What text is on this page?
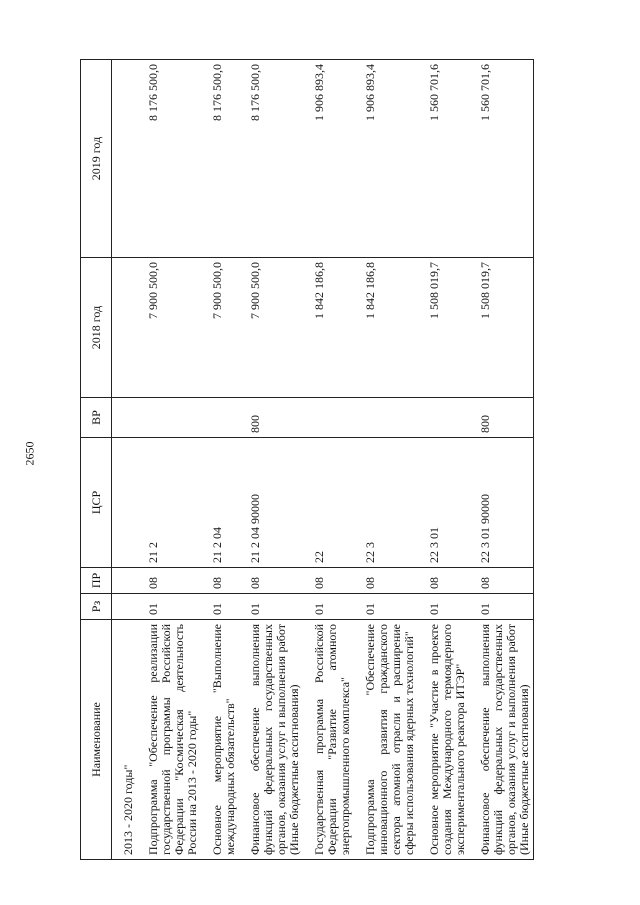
2650
Наименование	Рз	ПР	ЦСР	ВР	2018 год	2019 год
2013 - 2020 годы"						
Подпрограмма "Обеспечение реализации государственной программы Российской Федерации "Космическая деятельность России на 2013 - 2020 годы"	01	08	21 2		7 900 500,0	8 176 500,0
Основное мероприятие "Выполнение международных обязательств"	01	08	21 2 04		7 900 500,0	8 176 500,0
Финансовое обеспечение выполнения функций федеральных государственных органов, оказания услуг и выполнения работ (Иные бюджетные ассигнования)	01	08	21 2 04 90000	800	7 900 500,0	8 176 500,0
Государственная программа Российской Федерации "Развитие атомного энергопромышленного комплекса"	01	08	22		1 842 186,8	1 906 893,4
Подпрограмма "Обеспечение инновационного развития гражданского сектора атомной отрасли и расширение сферы использования ядерных технологий"	01	08	22 3		1 842 186,8	1 906 893,4
Основное мероприятие "Участие в проекте создания Международного термоядерного экспериментального реактора ИТЭР"	01	08	22 3 01		1 508 019,7	1 560 701,6
Финансовое обеспечение выполнения функций федеральных государственных органов, оказания услуг и выполнения работ (Иные бюджетные ассигнования)	01	08	22 3 01 90000	800	1 508 019,7	1 560 701,6
